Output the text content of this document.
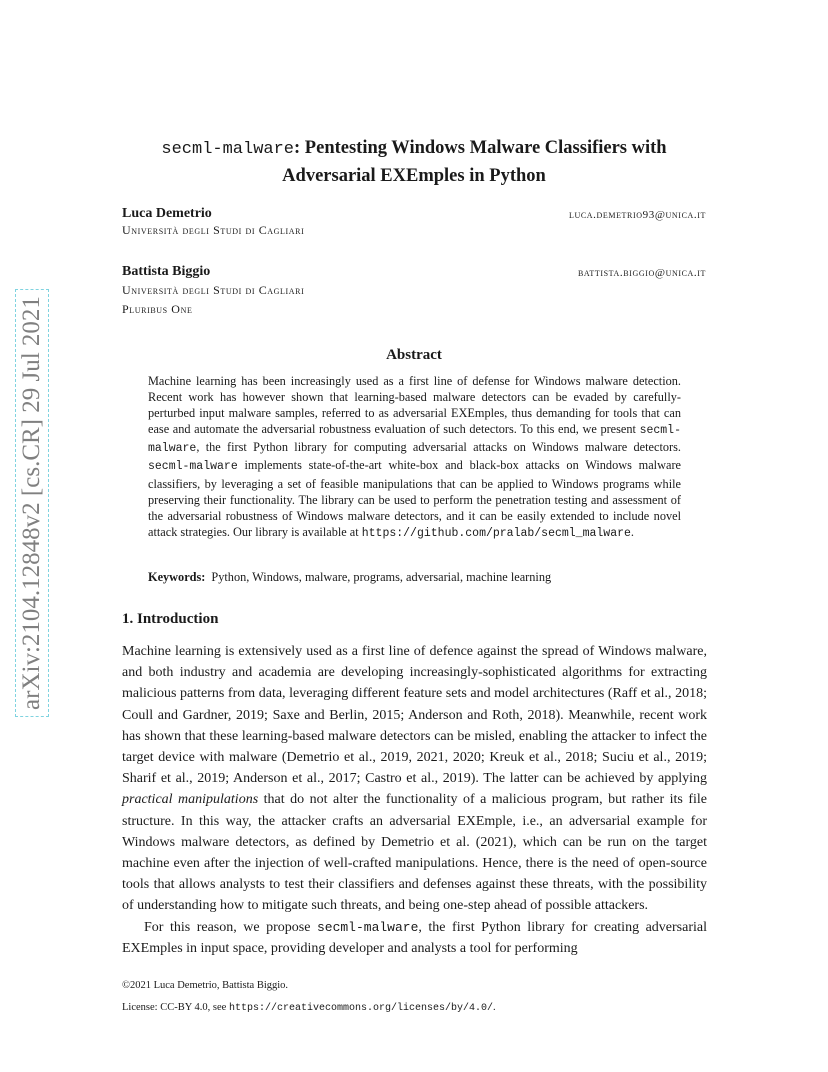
arXiv:2104.12848v2 [cs.CR] 29 Jul 2021
secml-malware: Pentesting Windows Malware Classifiers with
Adversarial EXEmples in Python
Luca Demetrio	luca.demetrio93@unica.it
Università degli Studi di Cagliari
Battista Biggio	battista.biggio@unica.it
Università degli Studi di Cagliari
Pluribus One
Abstract

Machine learning has been increasingly used as a first line of defense for Windows malware detection. Recent work has however shown that learning-based malware detectors can be evaded by carefully-perturbed input malware samples, referred to as adversarial EXEmples, thus demanding for tools that can ease and automate the adversarial robustness evaluation of such detectors. To this end, we present secml-malware, the first Python library for computing adversarial attacks on Windows malware detectors. secml-malware implements state-of-the-art white-box and black-box attacks on Windows malware classifiers, by leveraging a set of feasible manipulations that can be applied to Windows programs while preserving their functionality. The library can be used to perform the penetration testing and assessment of the adversarial robustness of Windows malware detectors, and it can be easily extended to include novel attack strategies. Our library is available at https://github.com/pralab/secml_malware.

Keywords: Python, Windows, malware, programs, adversarial, machine learning
1. Introduction

Machine learning is extensively used as a first line of defence against the spread of Windows malware, and both industry and academia are developing increasingly-sophisticated algorithms for extracting malicious patterns from data, leveraging different feature sets and model architectures (Raff et al., 2018; Coull and Gardner, 2019; Saxe and Berlin, 2015; Anderson and Roth, 2018). Meanwhile, recent work has shown that these learning-based malware detectors can be misled, enabling the attacker to infect the target device with malware (Demetrio et al., 2019, 2021, 2020; Kreuk et al., 2018; Suciu et al., 2019; Sharif et al., 2019; Anderson et al., 2017; Castro et al., 2019). The latter can be achieved by applying practical manipulations that do not alter the functionality of a malicious program, but rather its file structure. In this way, the attacker crafts an adversarial EXEmple, i.e., an adversarial example for Windows malware detectors, as defined by Demetrio et al. (2021), which can be run on the target machine even after the injection of well-crafted manipulations. Hence, there is the need of open-source tools that allows analysts to test their classifiers and defenses against these threats, with the possibility of understanding how to mitigate such threats, and being one-step ahead of possible attackers.

For this reason, we propose secml-malware, the first Python library for creating adversarial EXEmples in input space, providing developer and analysts a tool for performing

©2021 Luca Demetrio, Battista Biggio.
License: CC-BY 4.0, see https://creativecommons.org/licenses/by/4.0/.
